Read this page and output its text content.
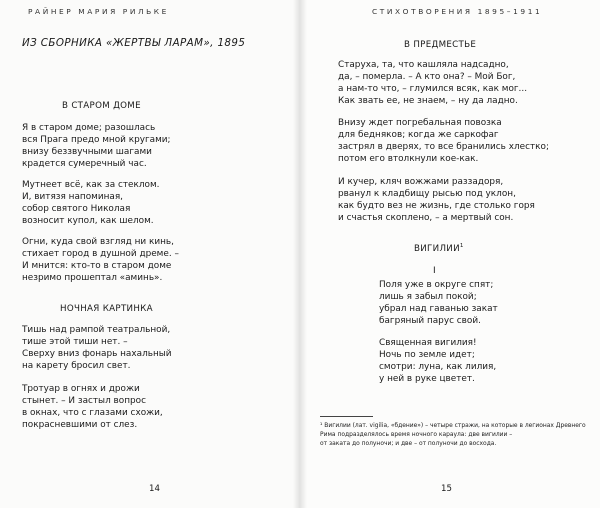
РАЙНЕР МАРИЯ РИЛЬКЕ
ИЗ СБОРНИКА «ЖЕРТВЫ ЛАРАМ», 1895
В СТАРОМ ДОМЕ
Я в старом доме; разошлась
вся Прага предо мной кругами;
внизу беззвучными шагами
крадется сумеречный час.
Мутнеет всё, как за стеклом.
И, витязя напоминая,
собор святого Николая
возносит купол, как шелом.
Огни, куда свой взгляд ни кинь,
стихает город в душной дреме. –
И мнится: кто-то в старом доме
незримо прошептал «аминь».
НОЧНАЯ КАРТИНКА
Тишь над рампой театральной,
тише этой тиши нет. –
Сверху вниз фонарь нахальный
на карету бросил свет.
Тротуар в огнях и дрожи
стынет. – И застыл вопрос
в окнах, что с глазами схожи,
покрасневшими от слез.
14
СТИХОТВОРЕНИЯ 1895–1911
В ПРЕДМЕСТЬЕ
Старуха, та, что кашляла надсадно,
да, – померла. – А кто она? – Мой Бог,
а нам-то что, – глумился всяк, как мог...
Как звать ее, не знаем, – ну да ладно.
Внизу ждет погребальная повозка
для бедняков; когда же саркофаг
застрял в дверях, то все бранились хлестко;
потом его втолкнули кое-как.
И кучер, кляч вожжами раззадоря,
рванул к кладбищу рысью под уклон,
как будто вез не жизнь, где столько горя
и счастья скоплено, – а мертвый сон.
ВИГИЛИИ$^1$
I
Поля уже в округе спят;
лишь я забыл покой;
убрал над гаванью закат
багряный парус свой.
Священная вигилия!
Ночь по земле идет;
смотри: луна, как лилия,
у ней в руке цветет.
¹ Вигилии (лат. vigilia, «бдение») – четыре стражи, на которые в легионах Древнего Рима подразделялось время ночного караула: две вигилии –
от заката до полуночи; и две – от полуночи до восхода.
15
